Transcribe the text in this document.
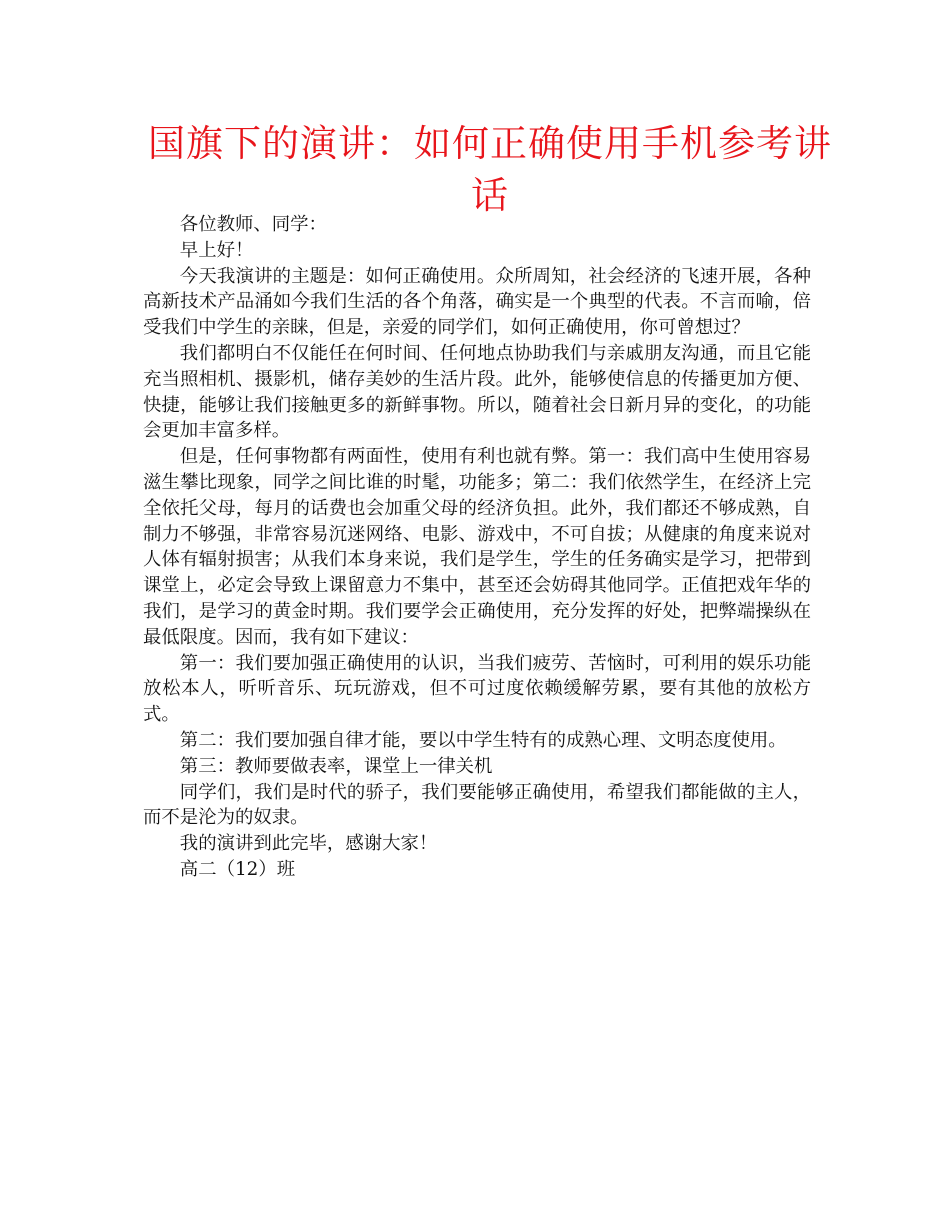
国旗下的演讲：如何正确使用手机参考讲话

各位教师、同学：

早上好！

今天我演讲的主题是：如何正确使用。众所周知，社会经济的飞速开展，各种高新技术产品涌如今我们生活的各个角落，确实是一个典型的代表。不言而喻，倍受我们中学生的亲睐，但是，亲爱的同学们，如何正确使用，你可曾想过？

我们都明白不仅能任在何时间、任何地点协助我们与亲戚朋友沟通，而且它能充当照相机、摄影机，储存美妙的生活片段。此外，能够使信息的传播更加方便、快捷，能够让我们接触更多的新鲜事物。所以，随着社会日新月异的变化，的功能会更加丰富多样。

但是，任何事物都有两面性，使用有利也就有弊。第一：我们高中生使用容易滋生攀比现象，同学之间比谁的时髦，功能多；第二：我们依然学生，在经济上完全依托父母，每月的话费也会加重父母的经济负担。此外，我们都还不够成熟，自制力不够强，非常容易沉迷网络、电影、游戏中，不可自拔；从健康的角度来说对人体有辐射损害；从我们本身来说，我们是学生，学生的任务确实是学习，把带到课堂上，必定会导致上课留意力不集中，甚至还会妨碍其他同学。正值把戏年华的我们，是学习的黄金时期。我们要学会正确使用，充分发挥的好处，把弊端操纵在最低限度。因而，我有如下建议：

第一：我们要加强正确使用的认识，当我们疲劳、苦恼时，可利用的娱乐功能放松本人，听听音乐、玩玩游戏，但不可过度依赖缓解劳累，要有其他的放松方式。

第二：我们要加强自律才能，要以中学生特有的成熟心理、文明态度使用。

第三：教师要做表率，课堂上一律关机

同学们，我们是时代的骄子，我们要能够正确使用，希望我们都能做的主人，而不是沦为的奴隶。

我的演讲到此完毕，感谢大家！

高二（12）班
